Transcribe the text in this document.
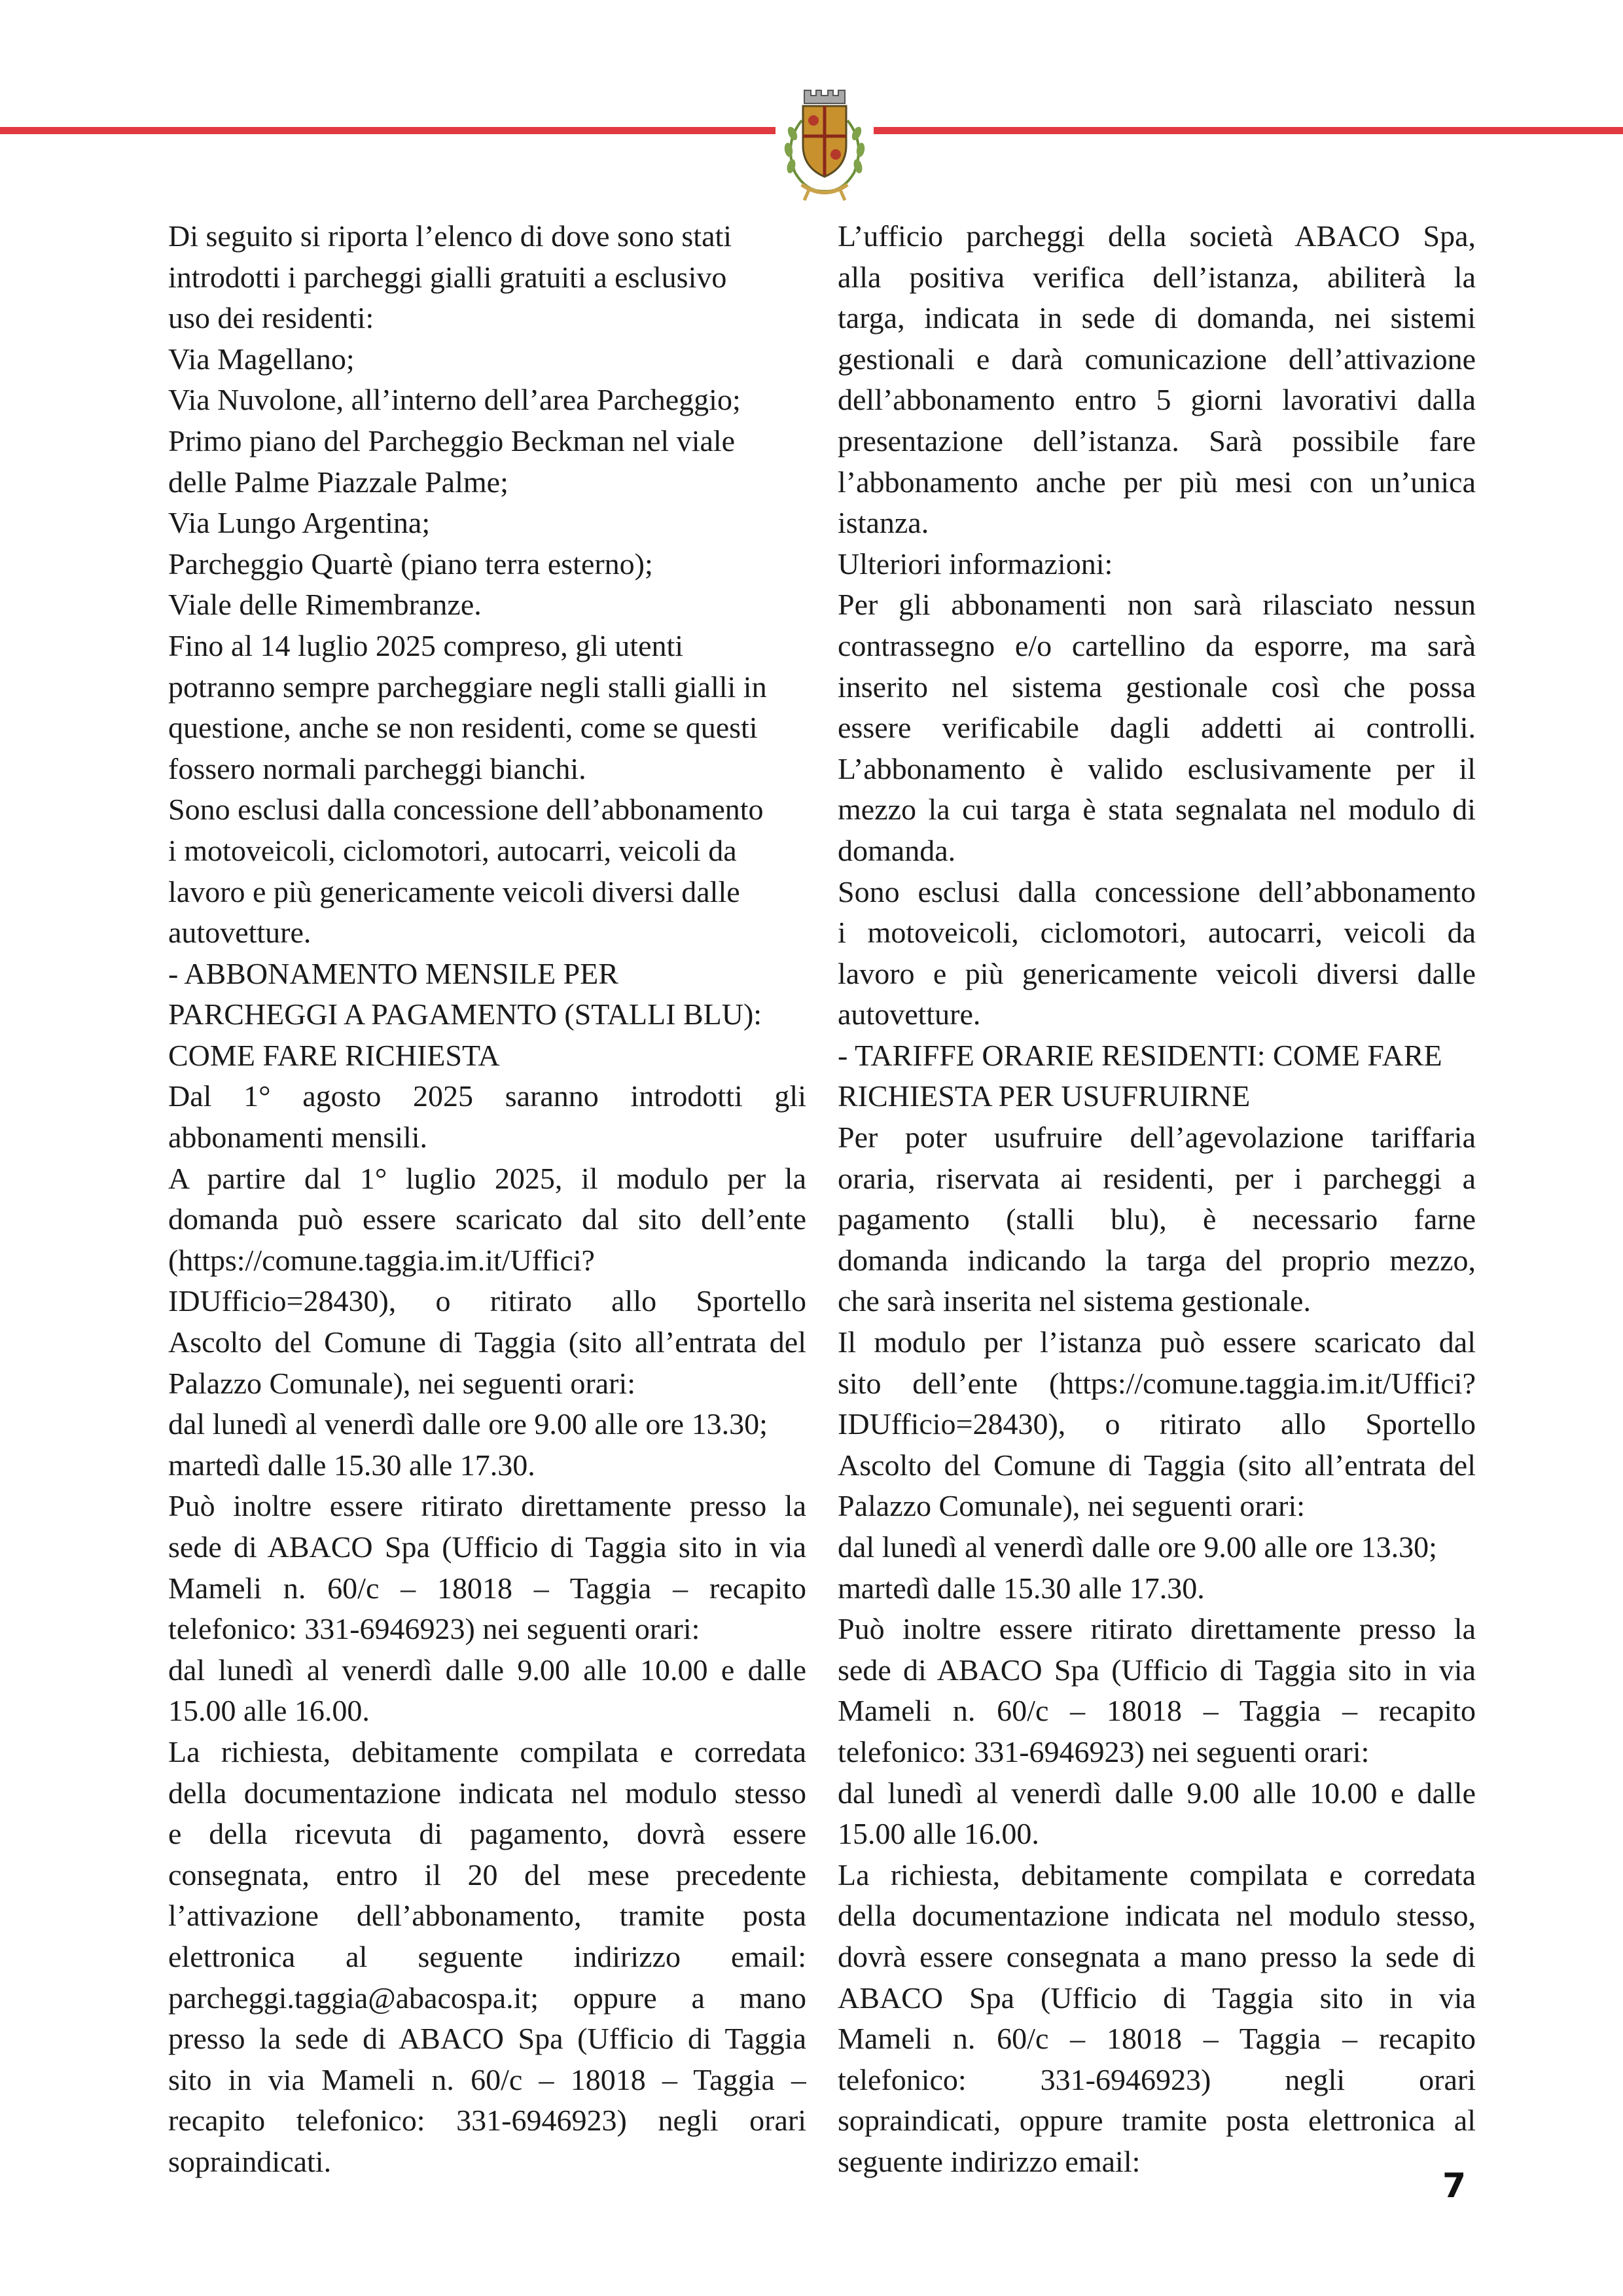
Di seguito si riporta l’elenco di dove sono stati
introdotti i parcheggi gialli gratuiti a esclusivo
uso dei residenti:
Via Magellano;
Via Nuvolone, all’interno dell’area Parcheggio;
Primo piano del Parcheggio Beckman nel viale
delle Palme Piazzale Palme;
Via Lungo Argentina;
Parcheggio Quartè (piano terra esterno);
Viale delle Rimembranze.
Fino al 14 luglio 2025 compreso, gli utenti
potranno sempre parcheggiare negli stalli gialli in
questione, anche se non residenti, come se questi
fossero normali parcheggi bianchi.
Sono esclusi dalla concessione dell’abbonamento
i motoveicoli, ciclomotori, autocarri, veicoli da
lavoro e più genericamente veicoli diversi dalle
autovetture.
- ABBONAMENTO MENSILE PER
PARCHEGGI A PAGAMENTO (STALLI BLU):
COME FARE RICHIESTA
Dal 1° agosto 2025 saranno introdotti gli
abbonamenti mensili.
A partire dal 1° luglio 2025, il modulo per la
domanda può essere scaricato dal sito dell’ente
(https://comune.taggia.im.it/Uffici?
IDUfficio=28430), o ritirato allo Sportello
Ascolto del Comune di Taggia (sito all’entrata del
Palazzo Comunale), nei seguenti orari:
dal lunedì al venerdì dalle ore 9.00 alle ore 13.30;
martedì dalle 15.30 alle 17.30.
Può inoltre essere ritirato direttamente presso la
sede di ABACO Spa (Ufficio di Taggia sito in via
Mameli n. 60/c – 18018 – Taggia – recapito
telefonico: 331-6946923) nei seguenti orari:
dal lunedì al venerdì dalle 9.00 alle 10.00 e dalle
15.00 alle 16.00.
La richiesta, debitamente compilata e corredata
della documentazione indicata nel modulo stesso
e della ricevuta di pagamento, dovrà essere
consegnata, entro il 20 del mese precedente
l’attivazione dell’abbonamento, tramite posta
elettronica al seguente indirizzo email:
parcheggi.taggia@abacospa.it; oppure a mano
presso la sede di ABACO Spa (Ufficio di Taggia
sito in via Mameli n. 60/c – 18018 – Taggia –
recapito telefonico: 331-6946923) negli orari
sopraindicati.
L’ufficio parcheggi della società ABACO Spa,
alla positiva verifica dell’istanza, abiliterà la
targa, indicata in sede di domanda, nei sistemi
gestionali e darà comunicazione dell’attivazione
dell’abbonamento entro 5 giorni lavorativi dalla
presentazione dell’istanza. Sarà possibile fare
l’abbonamento anche per più mesi con un’unica
istanza.
Ulteriori informazioni:
Per gli abbonamenti non sarà rilasciato nessun
contrassegno e/o cartellino da esporre, ma sarà
inserito nel sistema gestionale così che possa
essere verificabile dagli addetti ai controlli.
L’abbonamento è valido esclusivamente per il
mezzo la cui targa è stata segnalata nel modulo di
domanda.
Sono esclusi dalla concessione dell’abbonamento
i motoveicoli, ciclomotori, autocarri, veicoli da
lavoro e più genericamente veicoli diversi dalle
autovetture.
- TARIFFE ORARIE RESIDENTI: COME FARE
RICHIESTA PER USUFRUIRNE
Per poter usufruire dell’agevolazione tariffaria
oraria, riservata ai residenti, per i parcheggi a
pagamento (stalli blu), è necessario farne
domanda indicando la targa del proprio mezzo,
che sarà inserita nel sistema gestionale.
Il modulo per l’istanza può essere scaricato dal
sito dell’ente (https://comune.taggia.im.it/Uffici?
IDUfficio=28430), o ritirato allo Sportello
Ascolto del Comune di Taggia (sito all’entrata del
Palazzo Comunale), nei seguenti orari:
dal lunedì al venerdì dalle ore 9.00 alle ore 13.30;
martedì dalle 15.30 alle 17.30.
Può inoltre essere ritirato direttamente presso la
sede di ABACO Spa (Ufficio di Taggia sito in via
Mameli n. 60/c – 18018 – Taggia – recapito
telefonico: 331-6946923) nei seguenti orari:
dal lunedì al venerdì dalle 9.00 alle 10.00 e dalle
15.00 alle 16.00.
La richiesta, debitamente compilata e corredata
della documentazione indicata nel modulo stesso,
dovrà essere consegnata a mano presso la sede di
ABACO Spa (Ufficio di Taggia sito in via
Mameli n. 60/c – 18018 – Taggia – recapito
telefonico: 331-6946923) negli orari
sopraindicati, oppure tramite posta elettronica al
seguente indirizzo email:
7
